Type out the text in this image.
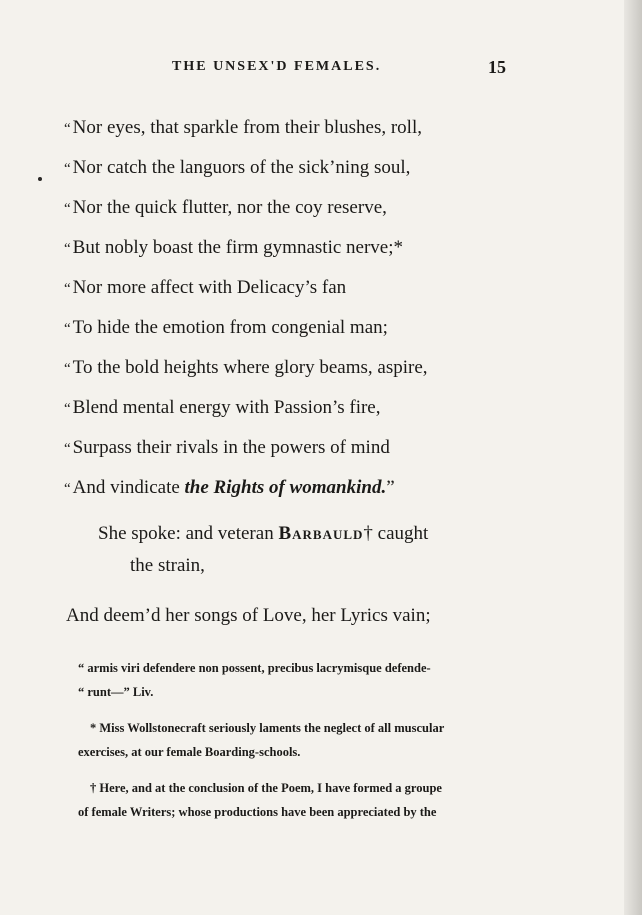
THE UNSEX'D FEMALES.	15
“ Nor eyes, that sparkle from their blushes, roll,
“ Nor catch the languors of the sick’ning soul,
“ Nor the quick flutter, nor the coy reserve,
“ But nobly boast the firm gymnastic nerve;*
“ Nor more affect with Delicacy’s fan
“ To hide the emotion from congenial man;
“ To the bold heights where glory beams, aspire,
“ Blend mental energy with Passion’s fire,
“ Surpass their rivals in the powers of mind
“ And vindicate the Rights of womankind.”
She spoke: and veteran Barbauld† caught
the strain,
And deem’d her songs of Love, her Lyrics vain;
“ armis viri defendere non possent, precibus lacrymisque defende-
“ runt—” Liv.
* Miss Wollstonecraft seriously laments the neglect of all muscular
exercises, at our female Boarding-schools.
† Here, and at the conclusion of the Poem, I have formed a groupe
of female Writers; whose productions have been appreciated by the
